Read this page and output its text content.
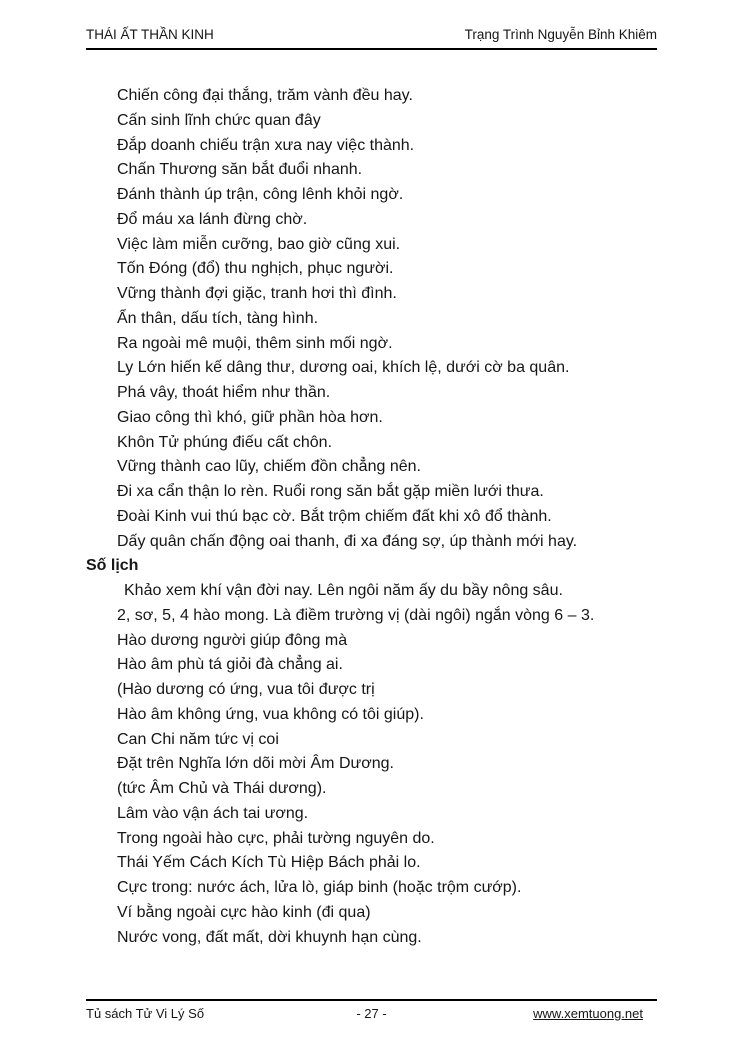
THÁI ẤT THẦN KINH	Trạng Trình Nguyễn Bỉnh Khiêm
Chiến công đại thắng, trăm vành đều hay.
Cấn sinh lĩnh chức quan đây
Đắp doanh chiếu trận xưa nay việc thành.
Chấn Thương săn bắt đuổi nhanh.
Đánh thành úp trận, công lênh khỏi ngờ.
Đổ máu xa lánh đừng chờ.
Việc làm miễn cưỡng, bao giờ cũng xui.
Tốn Đóng (đổ) thu nghịch, phục người.
Vững thành đợi giặc, tranh hơi thì đình.
Ẩn thân, dấu tích, tàng hình.
Ra ngoài mê muội, thêm sinh mối ngờ.
Ly Lớn hiến kế dâng thư, dương oai, khích lệ, dưới cờ ba quân.
Phá vây, thoát hiểm như thần.
Giao công thì khó, giữ phần hòa hơn.
Khôn Tử phúng điếu cất chôn.
Vững thành cao lũy, chiếm đồn chẳng nên.
Đi xa cẩn thận lo rèn. Ruổi rong săn bắt gặp miền lưới thưa.
Đoài Kinh vui thú bạc cờ. Bắt trộm chiếm đất khi xô đổ thành.
Dấy quân chấn động oai thanh, đi xa đáng sợ, úp thành mới hay.
Số lịch
Khảo xem khí vận đời nay. Lên ngôi năm ấy du bầy nông sâu.
2, sơ, 5, 4 hào mong. Là điềm trường vị (dài ngôi) ngắn vòng 6 – 3.
Hào dương người giúp đông mà
Hào âm phù tá giỏi đà chẳng ai.
(Hào dương có ứng, vua tôi được trị
Hào âm không ứng, vua không có tôi giúp).
Can Chi năm tức vị coi
Đặt trên Nghĩa lớn dõi mời Âm Dương.
(tức Âm Chủ và Thái dương).
Lâm vào vận ách tai ương.
Trong ngoài hào cực, phải tường nguyên do.
Thái Yếm Cách Kích Tù Hiệp Bách phải lo.
Cực trong: nước ách, lửa lò, giáp binh (hoặc trộm cướp).
Ví bằng ngoài cực hào kinh (đi qua)
Nước vong, đất mất, dời khuynh hạn cùng.
Tủ sách Tử Vi Lý Số	- 27 -	www.xemtuong.net
